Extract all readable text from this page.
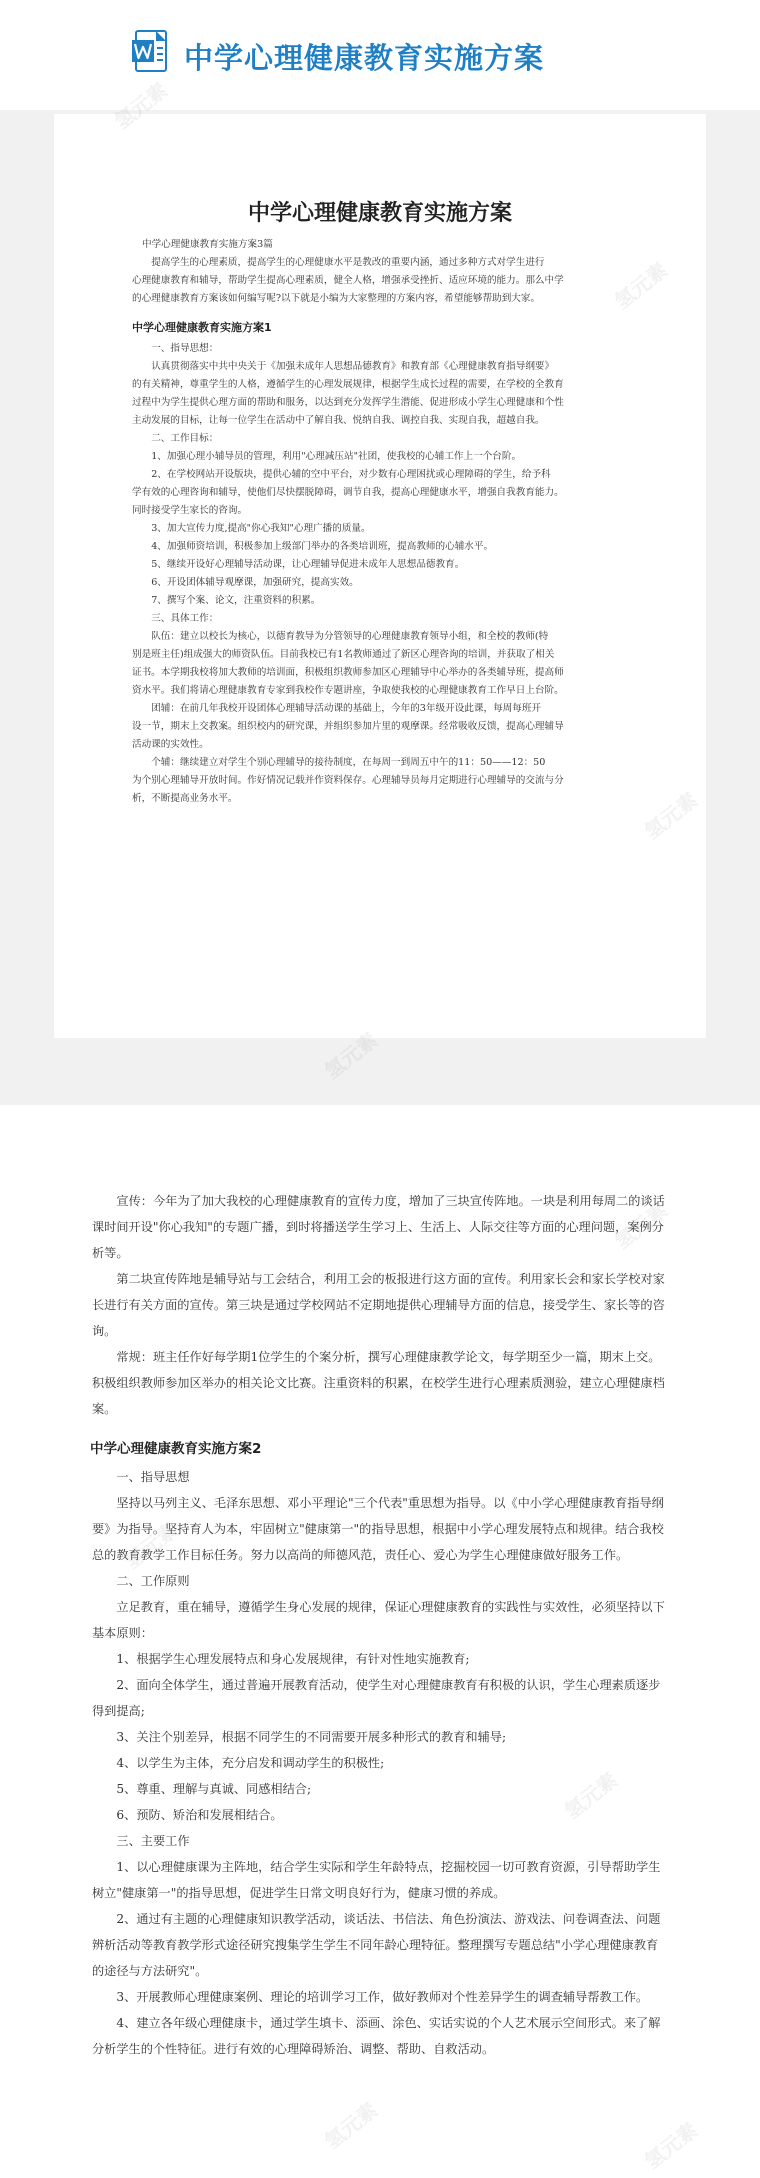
中学心理健康教育实施方案
中学心理健康教育实施方案
中学心理健康教育实施方案3篇
提高学生的心理素质，提高学生的心理健康水平是教改的重要内涵，通过多种方式对学生进行
心理健康教育和辅导，帮助学生提高心理素质，健全人格，增强承受挫折、适应环境的能力。那么中学
的心理健康教育方案该如何编写呢?以下就是小编为大家整理的方案内容，希望能够帮助到大家。
中学心理健康教育实施方案1
一、指导思想：
认真贯彻落实中共中央关于《加强未成年人思想品德教育》和教育部《心理健康教育指导纲要》
的有关精神，尊重学生的人格，遵循学生的心理发展规律，根据学生成长过程的需要，在学校的全教育
过程中为学生提供心理方面的帮助和服务，以达到充分发挥学生潜能、促进形成小学生心理健康和个性
主动发展的目标，让每一位学生在活动中了解自我、悦纳自我、调控自我、实现自我，超越自我。
二、工作目标：
1、加强心理小辅导员的管理，利用"心理减压站"社团，使我校的心辅工作上一个台阶。
2、在学校网站开设版块，提供心辅的空中平台，对少数有心理困扰或心理障碍的学生，给予科
学有效的心理咨询和辅导，使他们尽快摆脱障碍，调节自我，提高心理健康水平，增强自我教育能力。
同时接受学生家长的咨询。
3、加大宣传力度,提高"你心我知"心理广播的质量。
4、加强师资培训，积极参加上级部门举办的各类培训班，提高教师的心辅水平。
5、继续开设好心理辅导活动课，让心理辅导促进未成年人思想品德教育。
6、开设团体辅导观摩课，加强研究，提高实效。
7、撰写个案、论文，注重资料的积累。
三、具体工作：
队伍：建立以校长为核心，以德育教导为分管领导的心理健康教育领导小组，和全校的教师(特
别是班主任)组成强大的师资队伍。目前我校已有1名教师通过了新区心理咨询的培训，并获取了相关
证书。本学期我校将加大教师的培训面，积极组织教师参加区心理辅导中心举办的各类辅导班，提高师
资水平。我们将请心理健康教育专家到我校作专题讲座，争取使我校的心理健康教育工作早日上台阶。
团辅：在前几年我校开设团体心理辅导活动课的基础上，今年的3年级开设此课，每周每班开
设一节，期末上交教案。组织校内的研究课，并组织参加片里的观摩课。经常吸收反馈，提高心理辅导
活动课的实效性。
个辅：继续建立对学生个别心理辅导的接待制度，在每周一到周五中午的11：50——12：50
为个别心理辅导开放时间。作好情况记载并作资料保存。心理辅导员每月定期进行心理辅导的交流与分
析，不断提高业务水平。

宣传：今年为了加大我校的心理健康教育的宣传力度，增加了三块宣传阵地。一块是利用每周二的谈话课时间开设"你心我知"的专题广播，到时将播送学生学习上、生活上、人际交往等方面的心理问题，案例分析等。

第二块宣传阵地是辅导站与工会结合，利用工会的板报进行这方面的宣传。利用家长会和家长学校对家长进行有关方面的宣传。第三块是通过学校网站不定期地提供心理辅导方面的信息，接受学生、家长等的咨询。

常规：班主任作好每学期1位学生的个案分析，撰写心理健康教学论文，每学期至少一篇，期末上交。积极组织教师参加区举办的相关论文比赛。注重资料的积累，在校学生进行心理素质测验，建立心理健康档案。

中学心理健康教育实施方案2

一、指导思想

坚持以马列主义、毛泽东思想、邓小平理论"三个代表"重思想为指导。以《中小学心理健康教育指导纲要》为指导。坚持育人为本，牢固树立"健康第一"的指导思想，根据中小学心理发展特点和规律。结合我校总的教育教学工作目标任务。努力以高尚的师德风范，责任心、爱心为学生心理健康做好服务工作。

二、工作原则

立足教育，重在辅导，遵循学生身心发展的规律，保证心理健康教育的实践性与实效性，必须坚持以下基本原则：

1、根据学生心理发展特点和身心发展规律，有针对性地实施教育;

2、面向全体学生，通过普遍开展教育活动，使学生对心理健康教育有积极的认识，学生心理素质逐步得到提高;

3、关注个别差异，根据不同学生的不同需要开展多种形式的教育和辅导;

4、以学生为主体，充分启发和调动学生的积极性;

5、尊重、理解与真诚、同感相结合;

6、预防、矫治和发展相结合。

三、主要工作

1、以心理健康课为主阵地，结合学生实际和学生年龄特点，挖掘校园一切可教育资源，引导帮助学生树立"健康第一"的指导思想，促进学生日常文明良好行为，健康习惯的养成。

2、通过有主题的心理健康知识教学活动，谈话法、书信法、角色扮演法、游戏法、问卷调查法、问题辨析活动等教育教学形式途径研究搜集学生学生不同年龄心理特征。整理撰写专题总结"小学心理健康教育的途径与方法研究"。

3、开展教师心理健康案例、理论的培训学习工作，做好教师对个性差异学生的调查辅导帮教工作。

4、建立各年级心理健康卡，通过学生填卡、添画、涂色、实话实说的个人艺术展示空间形式。来了解分析学生的个性特征。进行有效的心理障碍矫治、调整、帮助、自救活动。

氢元素
氢元素
氢元素
氢元素	氢元素
